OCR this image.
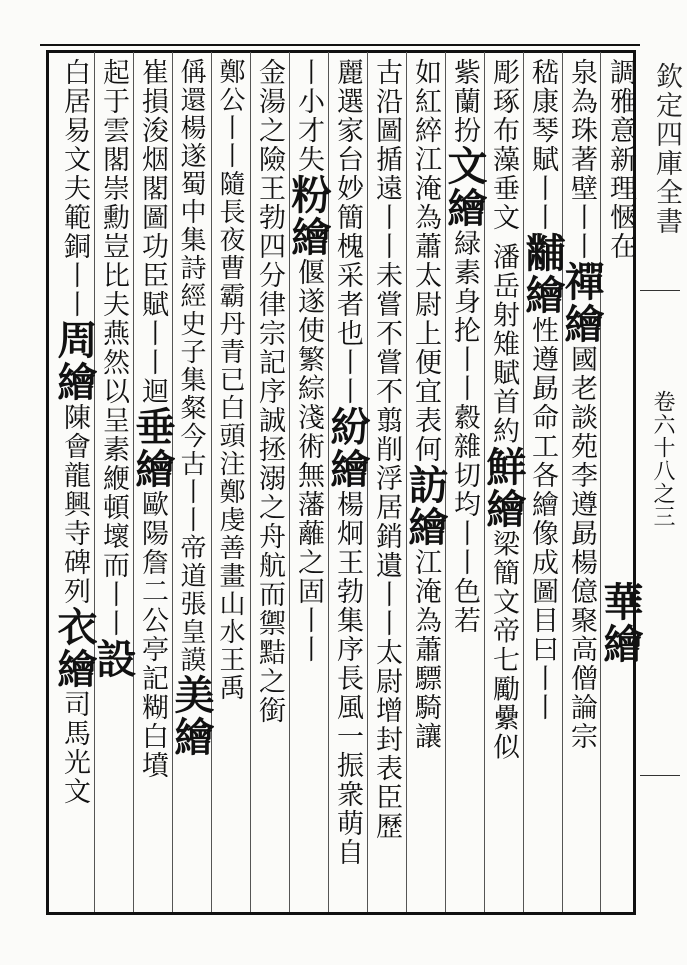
欽定四庫全書
卷六十八之三
調雅意新理愜在華繪
泉為珠著壁丨丨禪繪國老談苑李遵勗楊億聚高僧論宗
嵇康琴賦丨丨黼繪性遵勗命工各繪像成圖目曰丨丨
彫琢布藻垂文 潘岳射雉賦首約鮮繪梁簡文帝七勵纍似
紫蘭扮文繪緑素身抡丨丨縠雜切均丨丨色若
如紅綷江淹為蕭太尉上便宜表何訪繪江淹為蕭驃騎讓
古沿圖揗遠丨丨未嘗不嘗不翦削浮居銷遺丨丨太尉增封表臣歷
麗選家台妙簡槐采者也丨丨紛繪楊炯王勃集序長風一振衆萌自
丨小才失粉繪偃遂使繁綜淺術無藩蘺之固丨丨
金湯之險王勃四分律宗記序誠拯溺之舟航而禦黠之銜
鄭公丨丨隨長夜曹霸丹青已白頭注鄭虔善畫山水王禹
偁還楊遂蜀中集詩經史子集粲今古丨丨帝道張皇謨美繪
崔損浚烟閣圖功臣賦丨丨迴垂繪歐陽詹二公亭記糊白墳
起于雲閣崇勳豈比夫燕然以呈素緶頓壞而丨丨設
白居易文夫範銅丨丨周繪陳會龍興寺碑列衣繪司馬光文
